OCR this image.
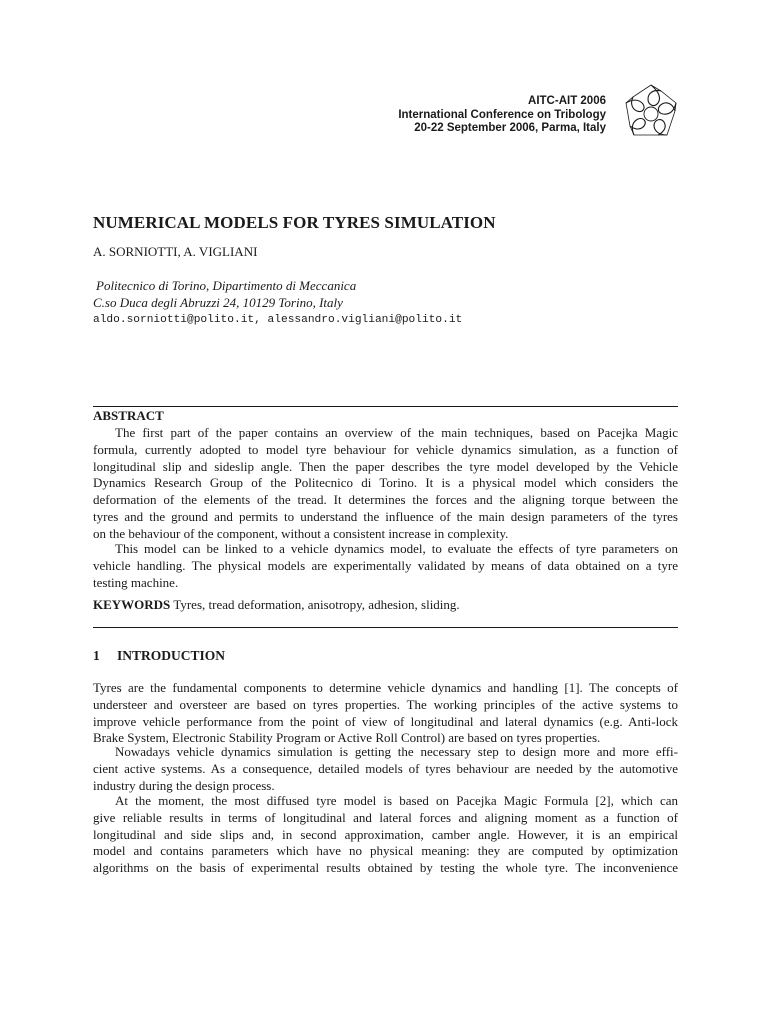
AITC-AIT 2006
International Conference on Tribology
20-22 September 2006, Parma, Italy
NUMERICAL MODELS FOR TYRES SIMULATION
A. SORNIOTTI, A. VIGLIANI
Politecnico di Torino, Dipartimento di Meccanica
C.so Duca degli Abruzzi 24, 10129 Torino, Italy
aldo.sorniotti@polito.it, alessandro.vigliani@polito.it
ABSTRACT

The first part of the paper contains an overview of the main techniques, based on Pacejka Magic

formula, currently adopted to model tyre behaviour for vehicle dynamics simulation, as a function of

longitudinal slip and sideslip angle. Then the paper describes the tyre model developed by the Vehicle

Dynamics Research Group of the Politecnico di Torino. It is a physical model which considers the

deformation of the elements of the tread. It determines the forces and the aligning torque between the

tyres and the ground and permits to understand the influence of the main design parameters of the tyres

on the behaviour of the component, without a consistent increase in complexity.

This model can be linked to a vehicle dynamics model, to evaluate the effects of tyre parameters on

vehicle handling. The physical models are experimentally validated by means of data obtained on a tyre

testing machine.

KEYWORDS Tyres, tread deformation, anisotropy, adhesion, sliding.
1 INTRODUCTION

Tyres are the fundamental components to determine vehicle dynamics and handling [1]. The concepts of

understeer and oversteer are based on tyres properties. The working principles of the active systems to

improve vehicle performance from the point of view of longitudinal and lateral dynamics (e.g. Anti-lock

Brake System, Electronic Stability Program or Active Roll Control) are based on tyres properties.

Nowadays vehicle dynamics simulation is getting the necessary step to design more and more effi-

cient active systems. As a consequence, detailed models of tyres behaviour are needed by the automotive

industry during the design process.

At the moment, the most diffused tyre model is based on Pacejka Magic Formula [2], which can

give reliable results in terms of longitudinal and lateral forces and aligning moment as a function of

longitudinal and side slips and, in second approximation, camber angle. However, it is an empirical

model and contains parameters which have no physical meaning: they are computed by optimization

algorithms on the basis of experimental results obtained by testing the whole tyre. The inconvenience
